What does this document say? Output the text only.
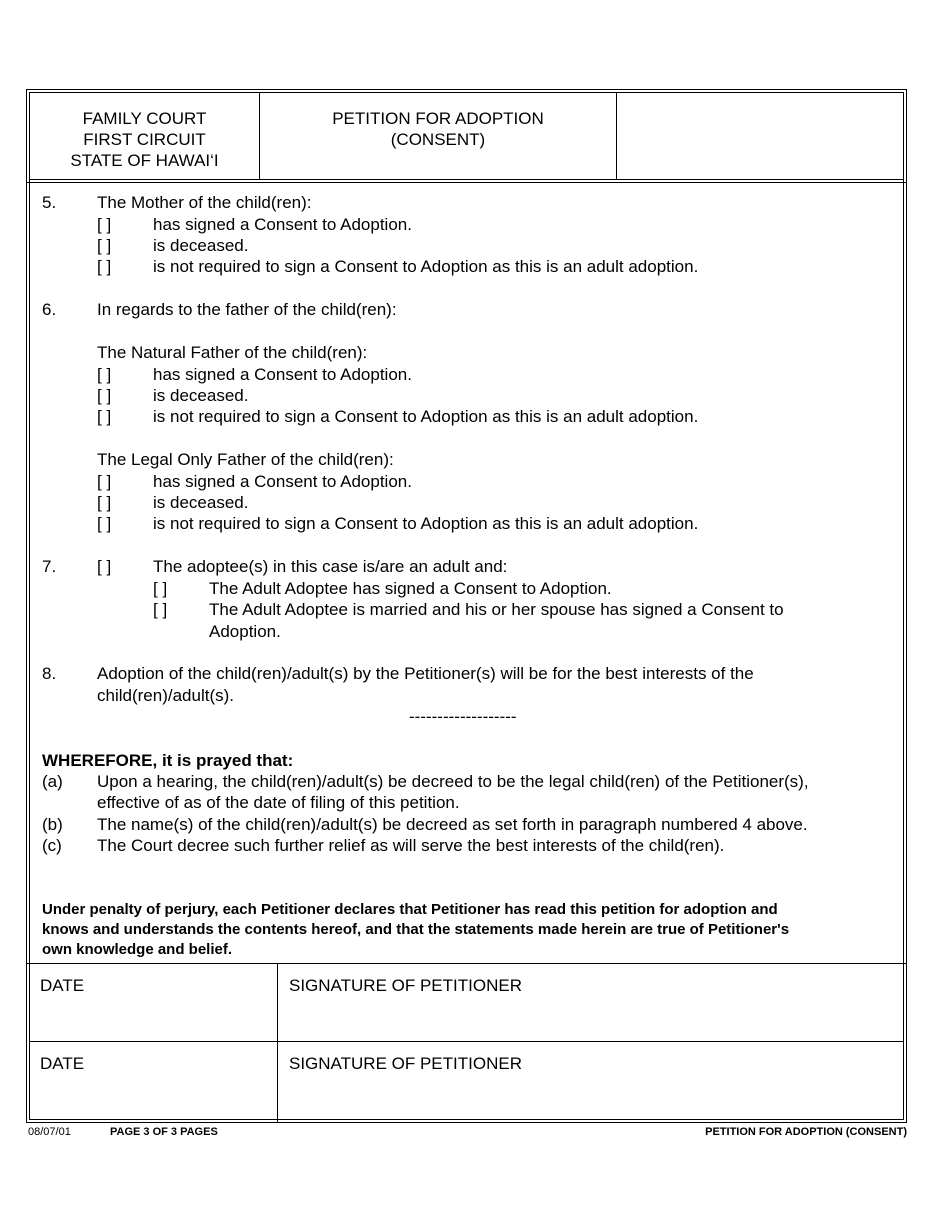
FAMILY COURT
FIRST CIRCUIT
STATE OF HAWAI‘I
PETITION FOR ADOPTION
(CONSENT)
5. The Mother of the child(ren):
[ ] has signed a Consent to Adoption.
[ ] is deceased.
[ ] is not required to sign a Consent to Adoption as this is an adult adoption.
6. In regards to the father of the child(ren):
The Natural Father of the child(ren):
[ ] has signed a Consent to Adoption.
[ ] is deceased.
[ ] is not required to sign a Consent to Adoption as this is an adult adoption.
The Legal Only Father of the child(ren):
[ ] has signed a Consent to Adoption.
[ ] is deceased.
[ ] is not required to sign a Consent to Adoption as this is an adult adoption.
7. [ ] The adoptee(s) in this case is/are an adult and:
[ ] The Adult Adoptee has signed a Consent to Adoption.
[ ] The Adult Adoptee is married and his or her spouse has signed a Consent to
Adoption.
8. Adoption of the child(ren)/adult(s) by the Petitioner(s) will be for the best interests of the
child(ren)/adult(s).
-------------------
WHEREFORE, it is prayed that:
(a) Upon a hearing, the child(ren)/adult(s) be decreed to be the legal child(ren) of the Petitioner(s),
effective of as of the date of filing of this petition.
(b) The name(s) of the child(ren)/adult(s) be decreed as set forth in paragraph numbered 4 above.
(c) The Court decree such further relief as will serve the best interests of the child(ren).
Under penalty of perjury, each Petitioner declares that Petitioner has read this petition for adoption and
knows and understands the contents hereof, and that the statements made herein are true of Petitioner's
own knowledge and belief.
DATE	SIGNATURE OF PETITIONER
DATE	SIGNATURE OF PETITIONER
08/07/01	PAGE 3 OF 3 PAGES	PETITION FOR ADOPTION (CONSENT)
